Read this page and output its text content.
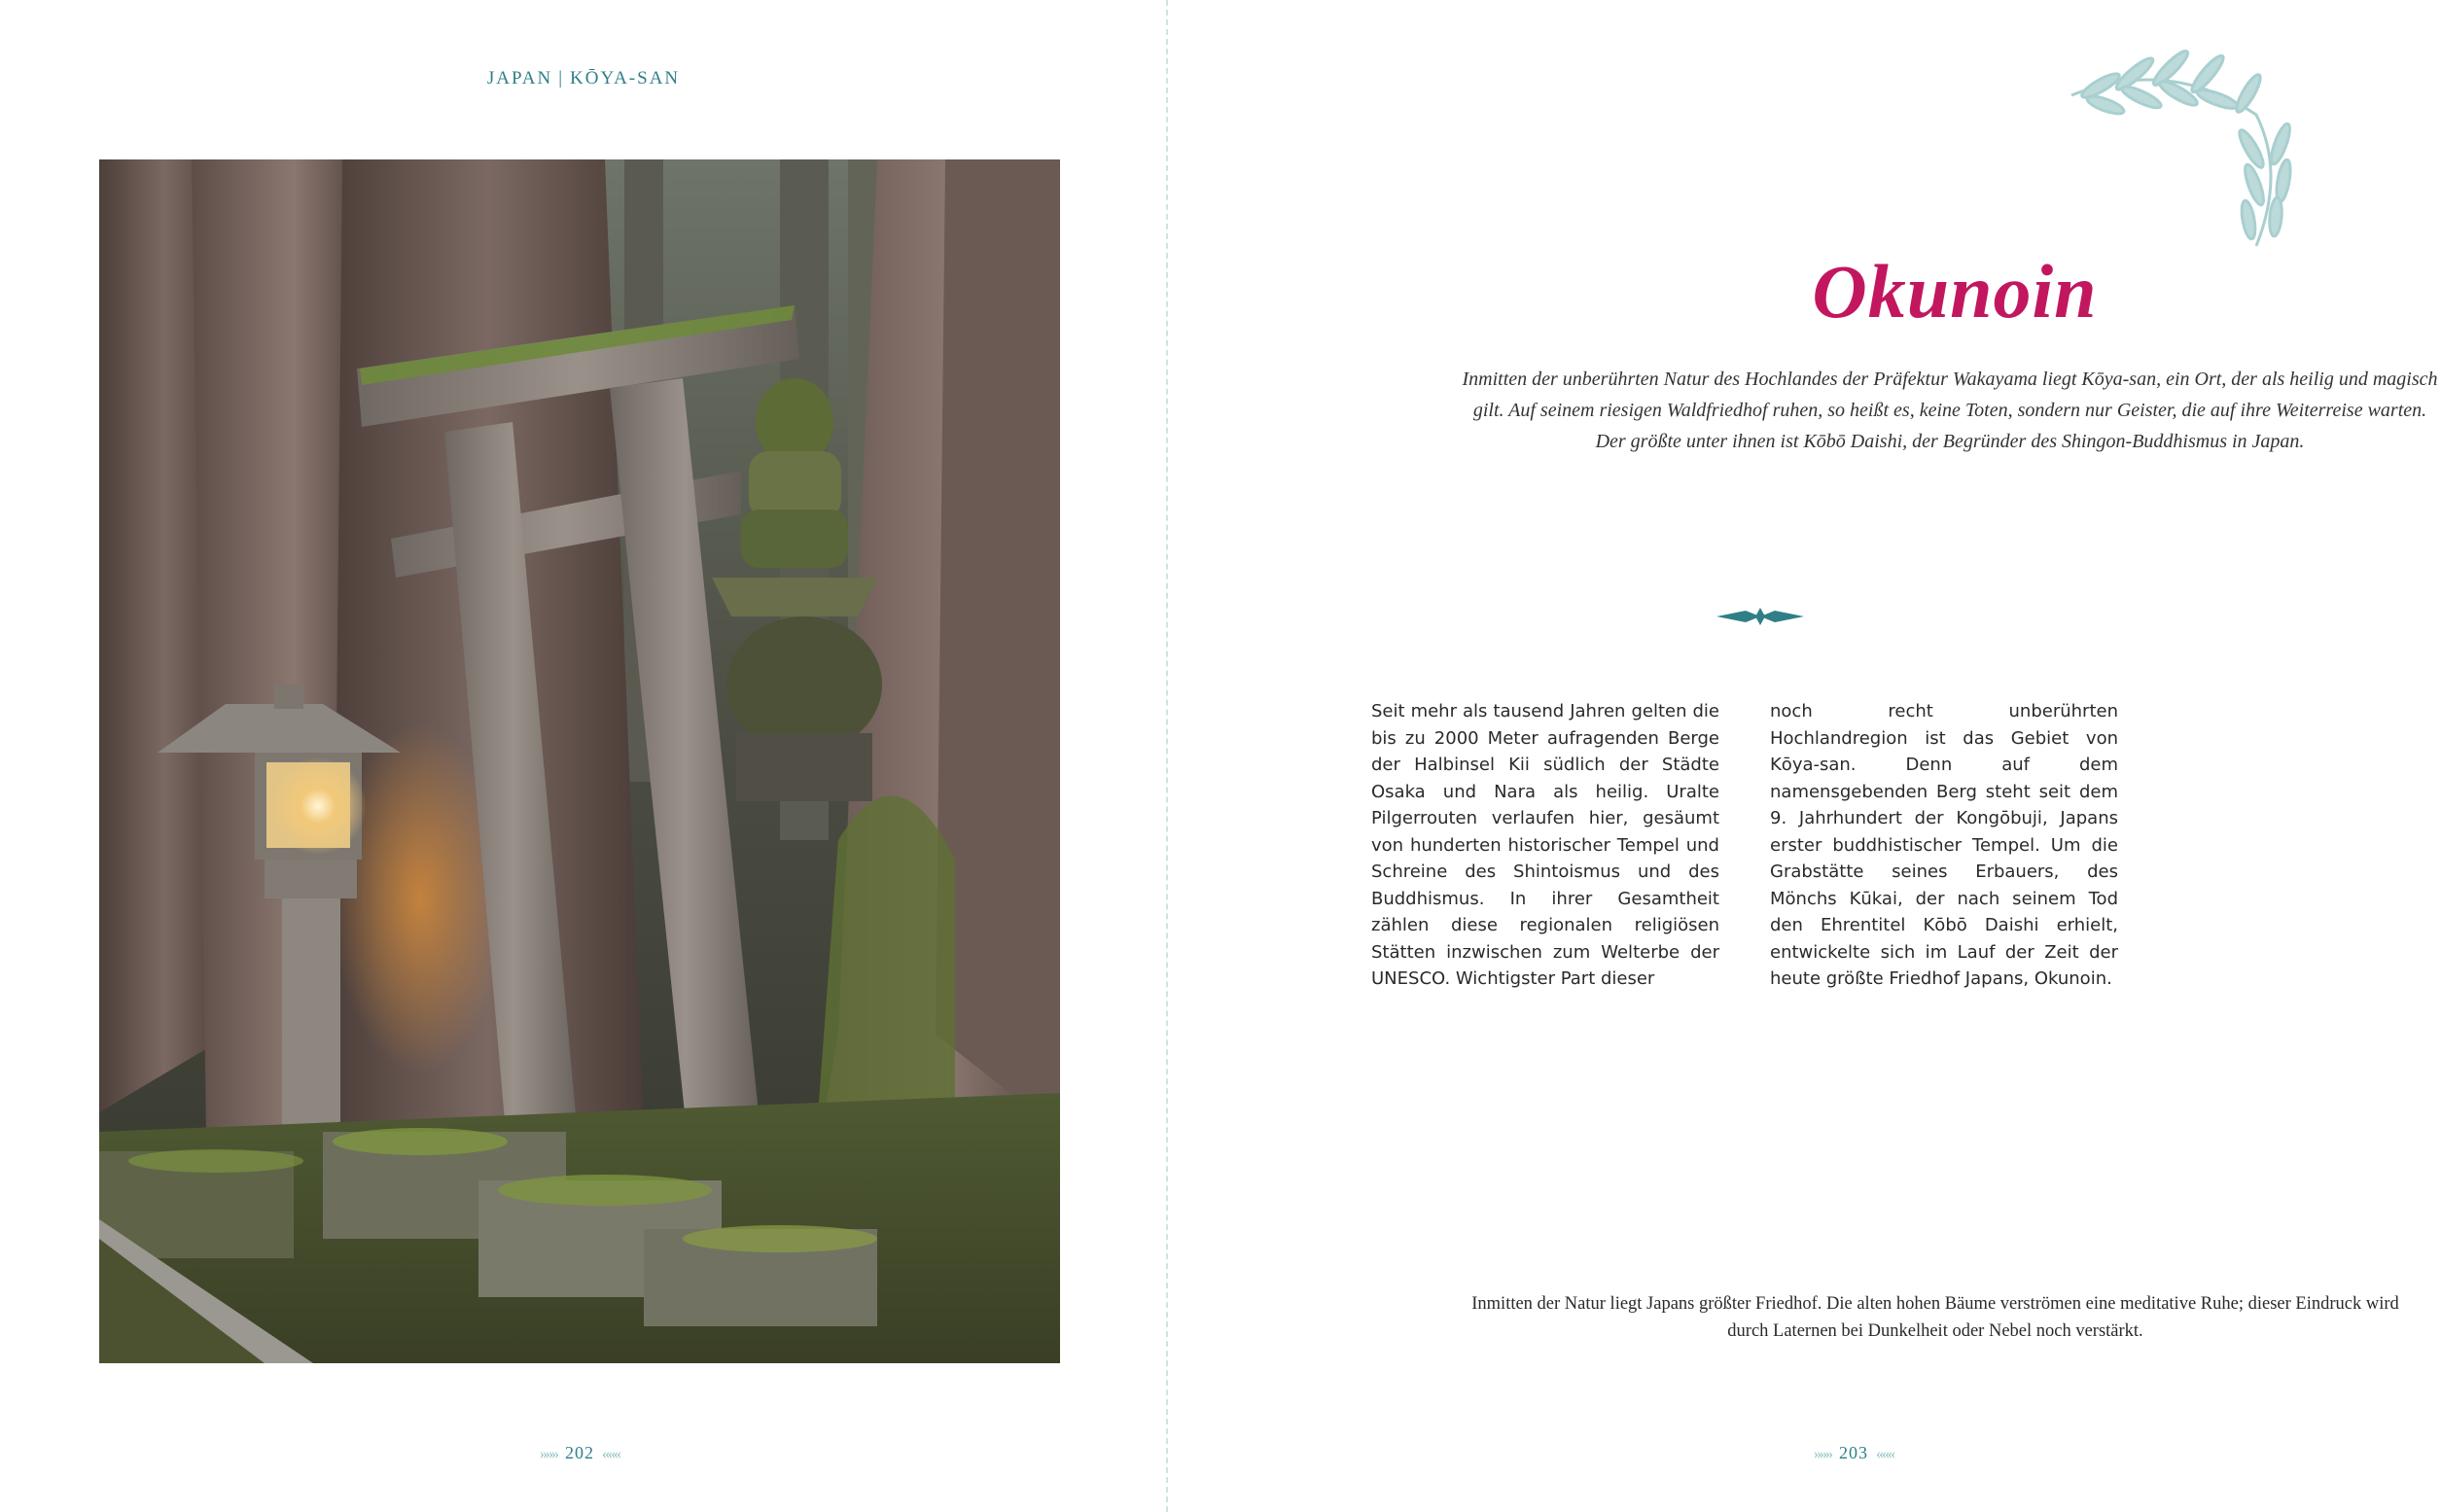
JAPAN | KŌYA-SAN
»»» 202 «««
Okunoin
Inmitten der unberührten Natur des Hochlandes der Präfektur Wakayama liegt Kōya-san, ein Ort, der als heilig und magisch gilt. Auf seinem riesigen Waldfriedhof ruhen, so heißt es, keine Toten, sondern nur Geister, die auf ihre Weiterreise warten. Der größte unter ihnen ist Kōbō Daishi, der Begründer des Shingon-Buddhismus in Japan.
Seit mehr als tausend Jahren gelten die bis zu 2000 Meter aufragenden Berge der Halbinsel Kii südlich der Städte Osaka und Nara als heilig. Uralte Pilgerrouten verlaufen hier, gesäumt von hunderten historischer Tempel und Schreine des Shintoismus und des Buddhismus. In ihrer Gesamtheit zählen diese regionalen religiösen Stätten inzwischen zum Welterbe der UNESCO. Wichtigster Part dieser
noch recht unberührten Hochlandregion ist das Gebiet von Kōya-san. Denn auf dem namensgebenden Berg steht seit dem 9. Jahrhundert der Kongōbuji, Japans erster buddhistischer Tempel. Um die Grabstätte seines Erbauers, des Mönchs Kūkai, der nach seinem Tod den Ehrentitel Kōbō Daishi erhielt, entwickelte sich im Lauf der Zeit der heute größte Friedhof Japans, Okunoin.
Inmitten der Natur liegt Japans größter Friedhof. Die alten hohen Bäume verströmen eine meditative Ruhe; dieser Eindruck wird durch Laternen bei Dunkelheit oder Nebel noch verstärkt.
»»» 203 «««
